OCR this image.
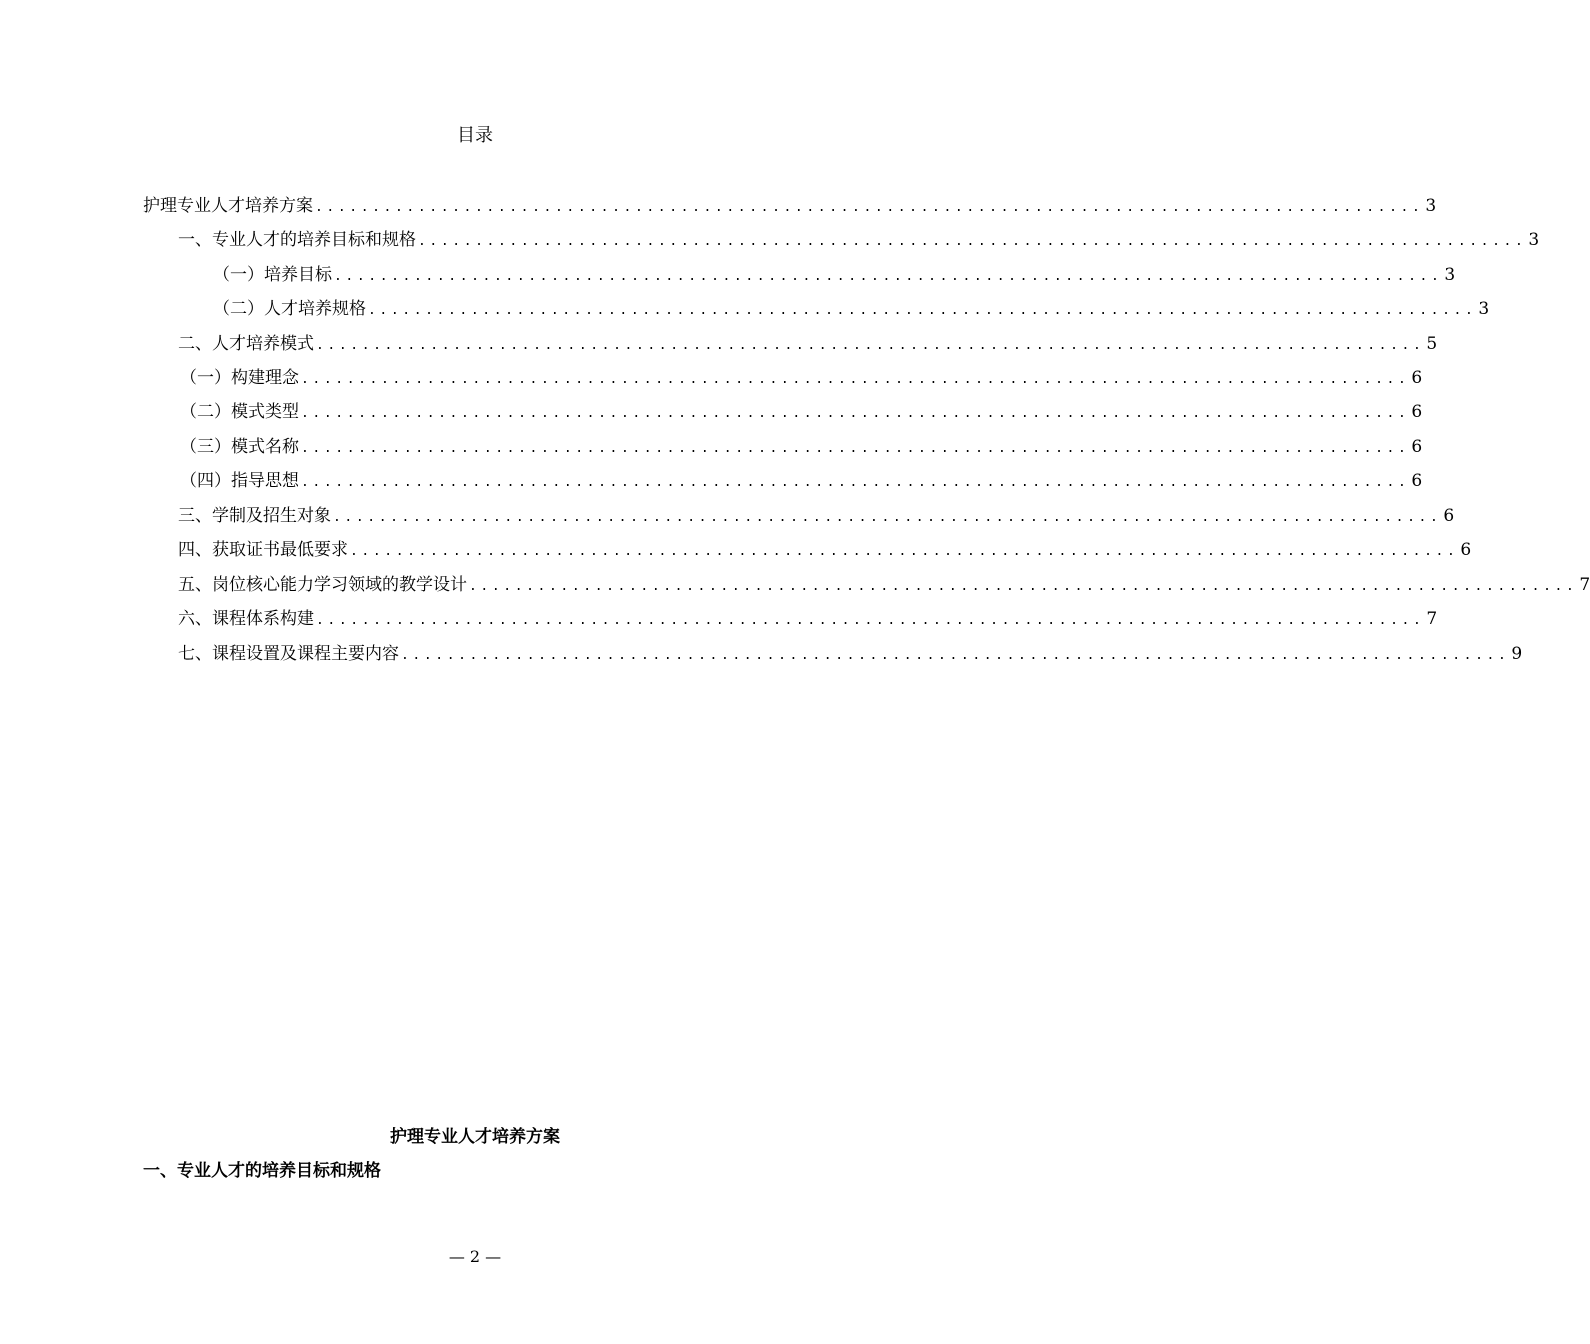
目录
护理专业人才培养方案 ................................................................................................. 3
一、专业人才的培养目标和规格 ................................................................................................. 3
（一）培养目标 ................................................................................................. 3
（二）人才培养规格 ................................................................................................. 3
二、人才培养模式 ................................................................................................. 5
（一）构建理念 ................................................................................................. 6
（二）模式类型 ................................................................................................. 6
（三）模式名称 ................................................................................................. 6
（四）指导思想 ................................................................................................. 6
三、学制及招生对象 ................................................................................................. 6
四、获取证书最低要求 ................................................................................................. 6
五、岗位核心能力学习领域的教学设计 ................................................................................................. 7
六、课程体系构建 ................................................................................................. 7
七、课程设置及课程主要内容 ................................................................................................. 9
护理专业人才培养方案
一、专业人才的培养目标和规格
— 2 —
